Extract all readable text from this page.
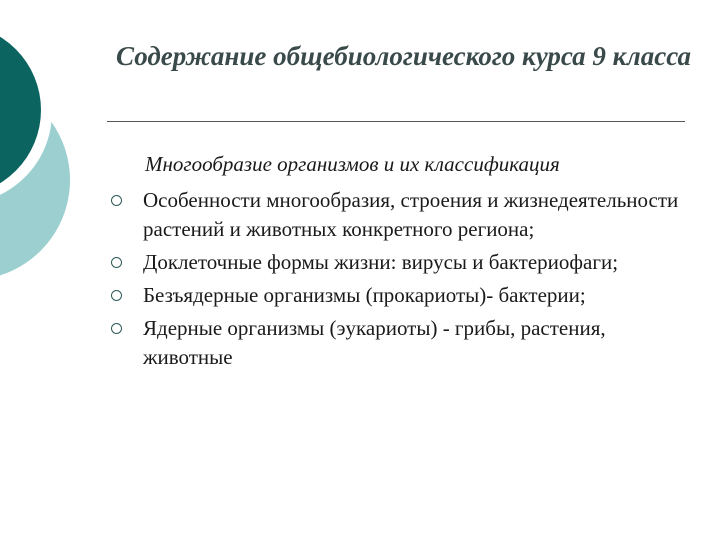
Содержание общебиологического курса 9 класса

Многообразие организмов и их классификация

Особенности многообразия, строения и жизнедеятельности растений и животных конкретного региона;
Доклеточные формы жизни: вирусы и бактериофаги;
Безъядерные организмы (прокариоты)- бактерии;
Ядерные организмы (эукариоты) - грибы, растения, животные
